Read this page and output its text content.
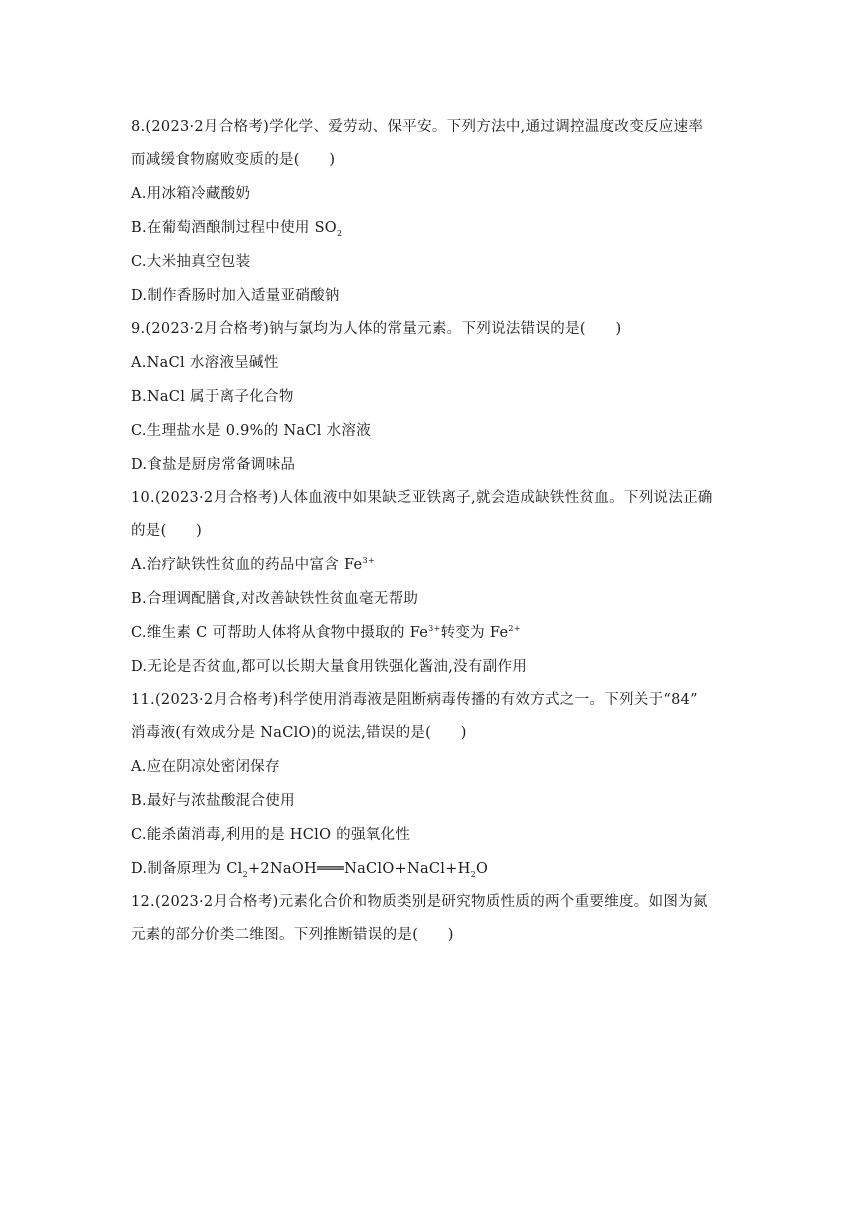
8.(2023·2月合格考)学化学、爱劳动、保平安。下列方法中,通过调控温度改变反应速率

而减缓食物腐败变质的是(　　)

A.用冰箱冷藏酸奶

B.在葡萄酒酿制过程中使用 $SO_2$

C.大米抽真空包装

D.制作香肠时加入适量亚硝酸钠

9.(2023·2月合格考)钠与氯均为人体的常量元素。下列说法错误的是(　　)

A.NaCl 水溶液呈碱性

B.NaCl 属于离子化合物

C.生理盐水是 0.9%的 NaCl 水溶液

D.食盐是厨房常备调味品

10.(2023·2月合格考)人体血液中如果缺乏亚铁离子,就会造成缺铁性贫血。下列说法正确

的是(　　)

A.治疗缺铁性贫血的药品中富含 $Fe^{3+}$

B.合理调配膳食,对改善缺铁性贫血毫无帮助

C.维生素 C 可帮助人体将从食物中摄取的 $Fe^{3+}$转变为 $Fe^{2+}$

D.无论是否贫血,都可以长期大量食用铁强化酱油,没有副作用

11.(2023·2月合格考)科学使用消毒液是阻断病毒传播的有效方式之一。下列关于“84”

消毒液(有效成分是 NaClO)的说法,错误的是(　　)

A.应在阴凉处密闭保存

B.最好与浓盐酸混合使用

C.能杀菌消毒,利用的是 HClO 的强氧化性

D.制备原理为 $Cl_2+2NaOH═══NaClO+NaCl+H_2O$

12.(2023·2月合格考)元素化合价和物质类别是研究物质性质的两个重要维度。如图为氮

元素的部分价类二维图。下列推断错误的是(　　)
